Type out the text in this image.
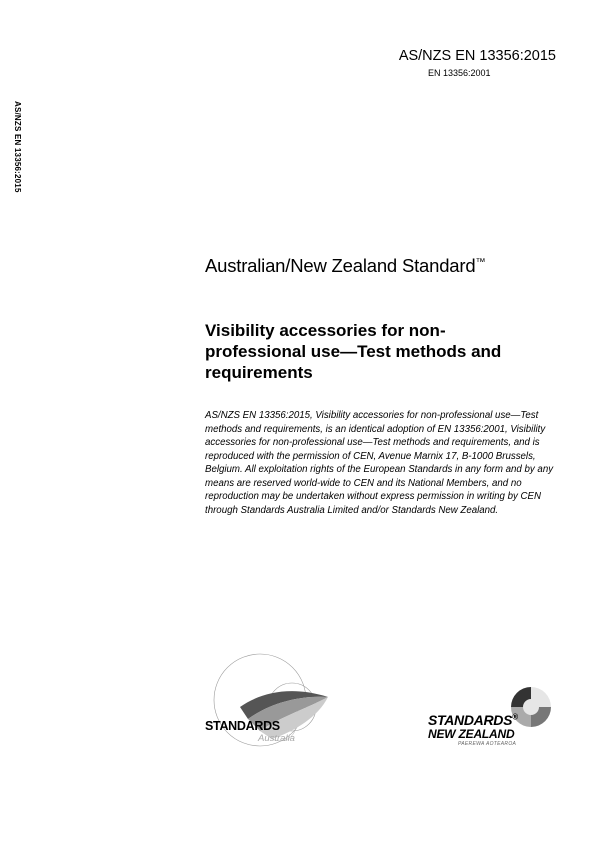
AS/NZS EN 13356:2015
EN 13356:2001
AS/NZS EN 13356:2015
Australian/New Zealand Standard™
Visibility accessories for non-professional use—Test methods and requirements
AS/NZS EN 13356:2015, Visibility accessories for non-professional use—Test methods and requirements, is an identical adoption of EN 13356:2001, Visibility accessories for non-professional use—Test methods and requirements, and is reproduced with the permission of CEN, Avenue Marnix 17, B-1000 Brussels, Belgium. All exploitation rights of the European Standards in any form and by any means are reserved world-wide to CEN and its National Members, and no reproduction may be undertaken without express permission in writing by CEN through Standards Australia Limited and/or Standards New Zealand.
STANDARDS
Australia
STANDARDS®
NEW ZEALAND
PAEREWA AOTEAROA
